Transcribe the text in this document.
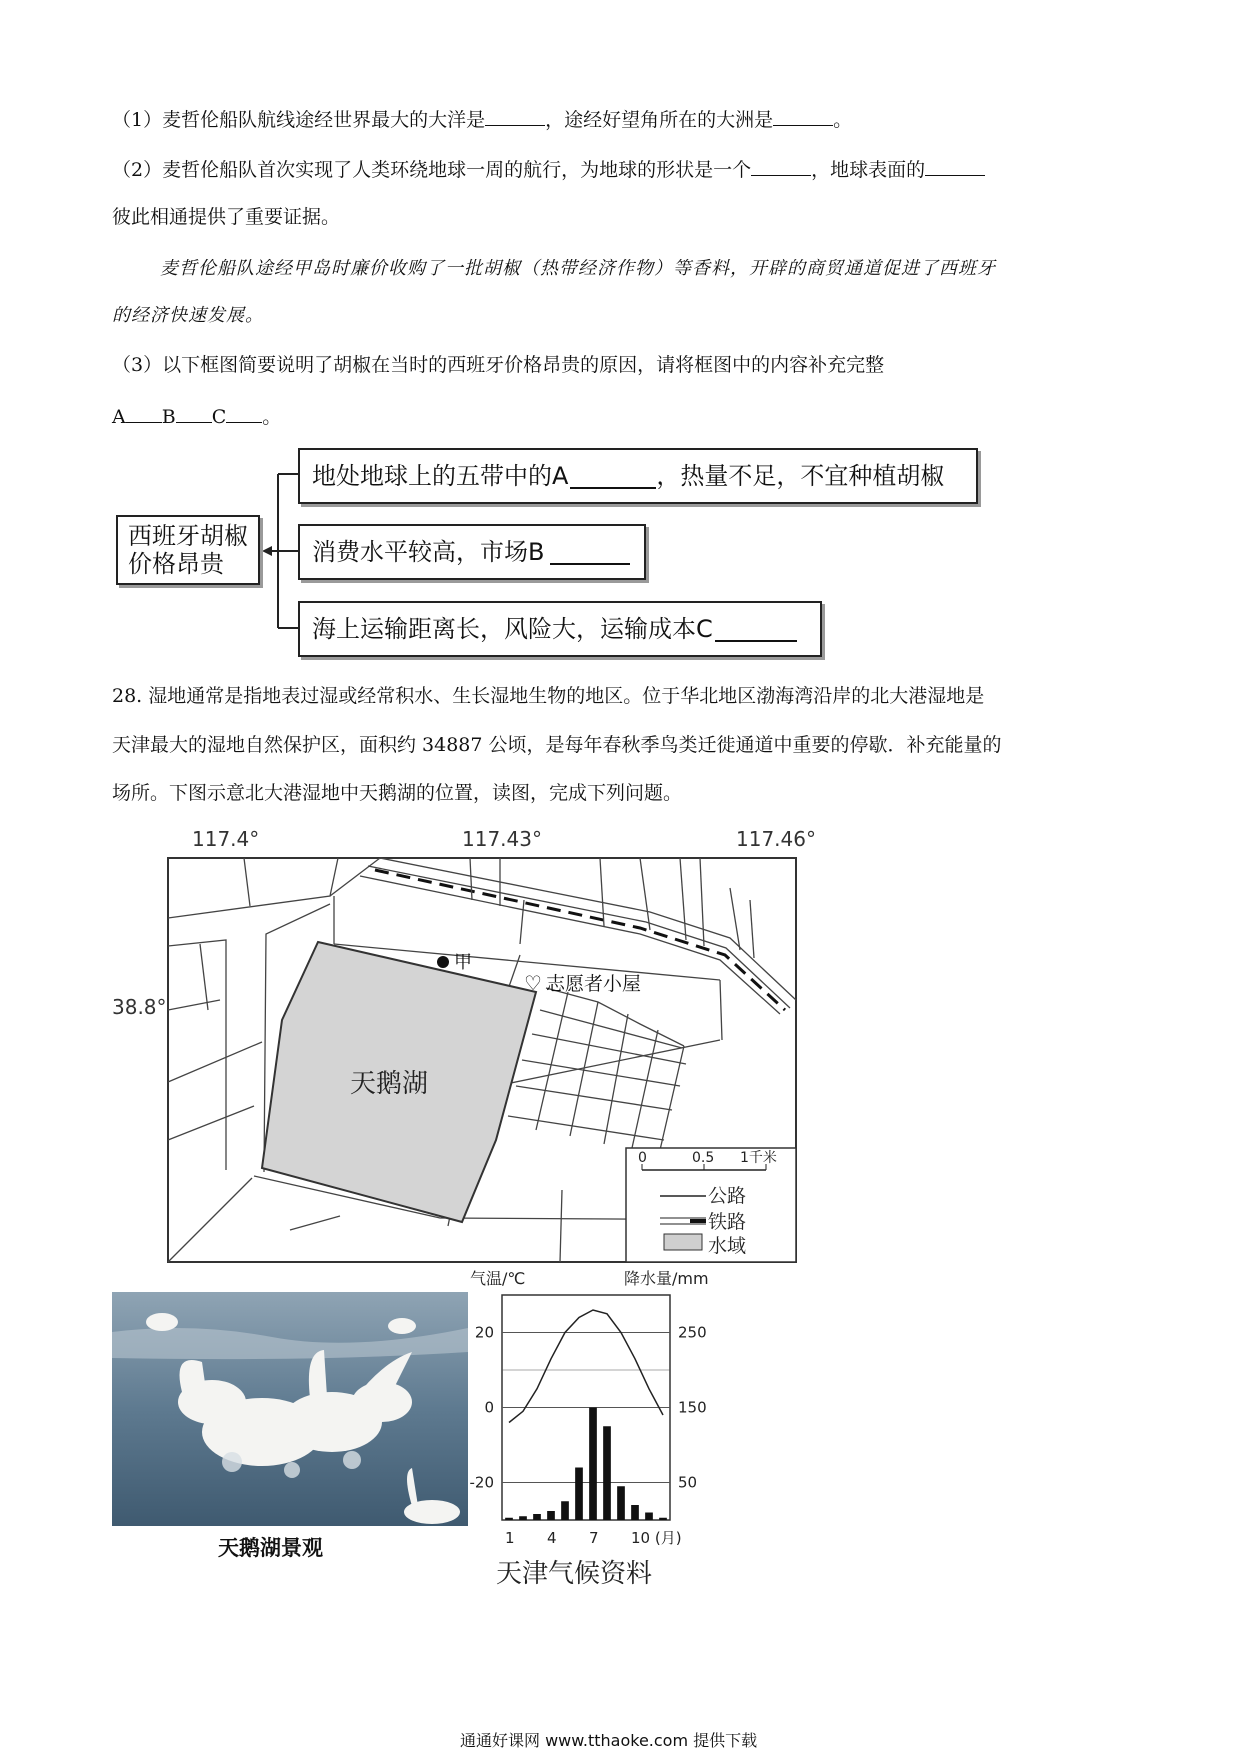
（1）麦哲伦船队航线途经世界最大的大洋是	，途经好望角所在的大洲是	。
（2）麦哲伦船队首次实现了人类环绕地球一周的航行，为地球的形状是一个	，地球表面的
彼此相通提供了重要证据。
麦哲伦船队途经甲岛时廉价收购了一批胡椒（热带经济作物）等香料，开辟的商贸通道促进了西班牙
的经济快速发展。
（3）以下框图简要说明了胡椒在当时的西班牙价格昂贵的原因，请将框图中的内容补充完整
A B C 。
西班牙胡椒
价格昂贵
地处地球上的五带中的A	，热量不足，不宜种植胡椒
消费水平较高，市场B
海上运输距离长，风险大，运输成本C
28. 湿地通常是指地表过湿或经常积水、生长湿地生物的地区。位于华北地区渤海湾沿岸的北大港湿地是
天津最大的湿地自然保护区，面积约 34887 公顷，是每年春秋季鸟类迁徙通道中重要的停歇．补充能量的
场所。下图示意北大港湿地中天鹅湖的位置，读图，完成下列问题。
117.4°	117.43°	117.46°
38.8°
天鹅湖
甲
♡ 志愿者小屋
0	0.5 1千米
公路
铁路
水域
天鹅湖景观
气温/℃	降水量/mm
20
0
-20
250
150
50
1 4 7 10 (月)
天津气候资料
通通好课网 www.tthaoke.com 提供下载
